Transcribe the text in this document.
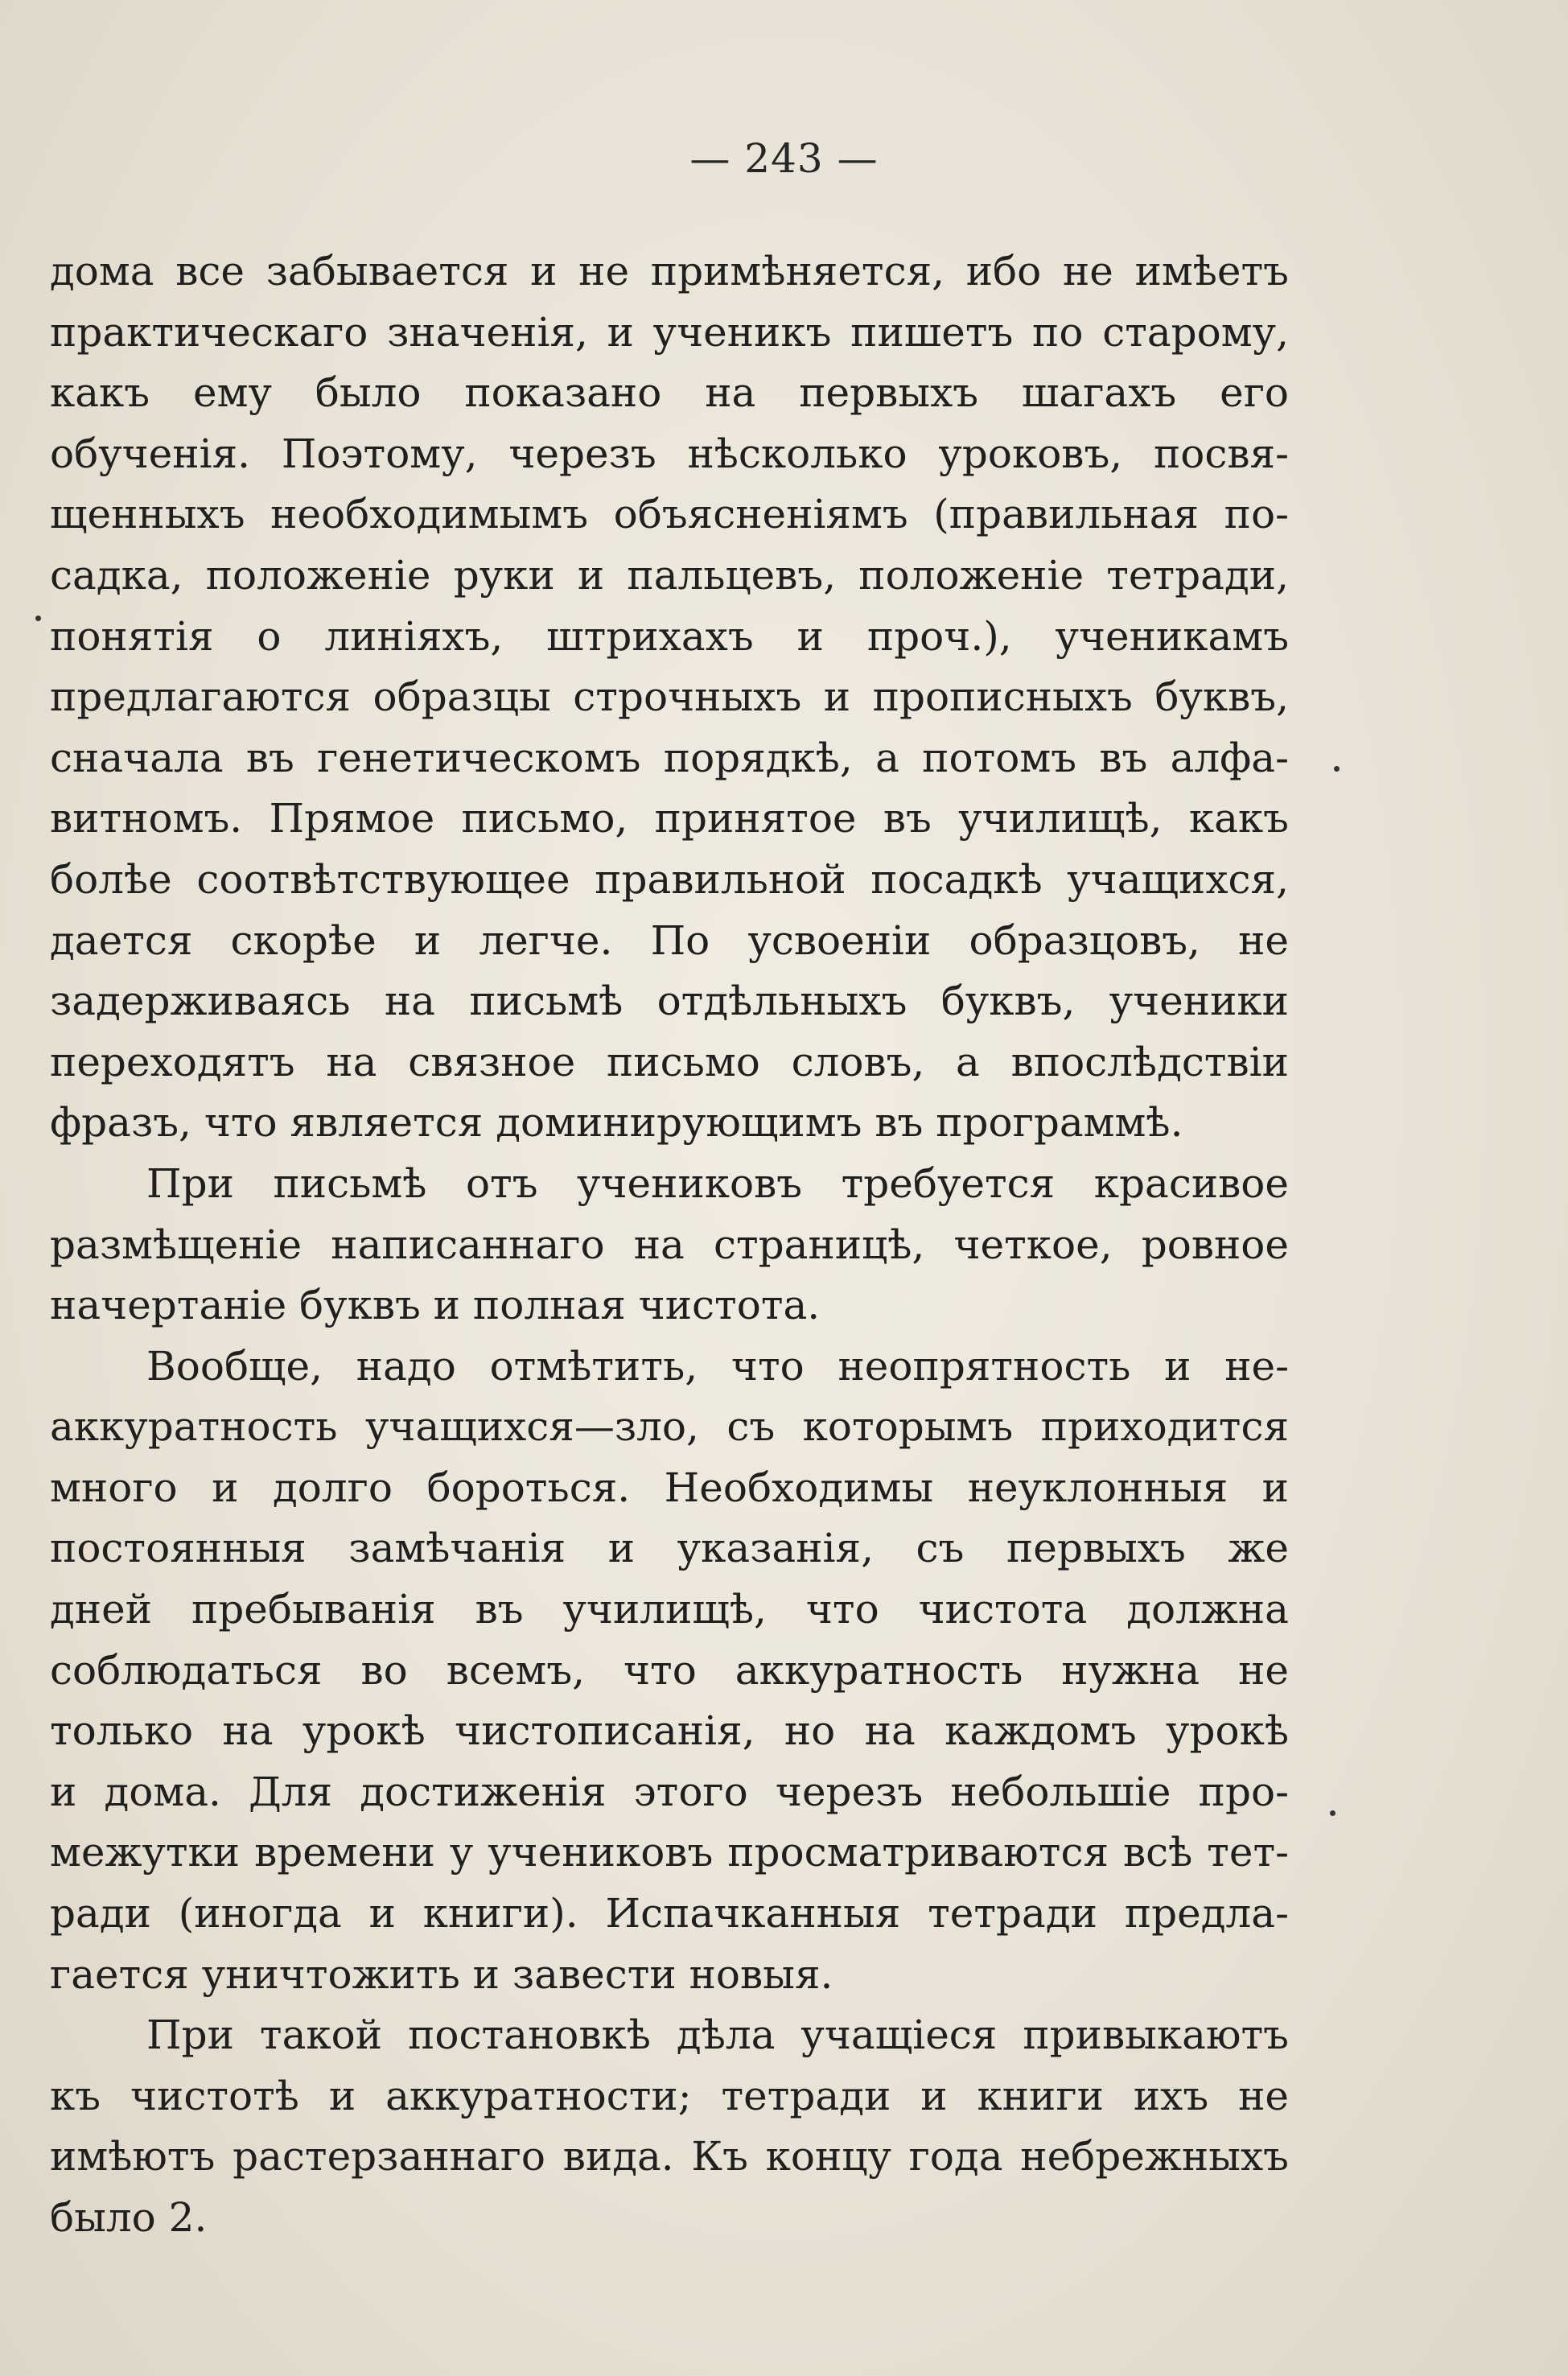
— 243 —
дома все забывается и не примѣняется, ибо не имѣетъ
практическаго значенія, и ученикъ пишетъ по старому,
какъ ему было показано на первыхъ шагахъ его
обученія. Поэтому, черезъ нѣсколько уроковъ, посвя-
щенныхъ необходимымъ объясненіямъ (правильная по-
садка, положеніе руки и пальцевъ, положеніе тетради,
понятія о линіяхъ, штрихахъ и проч.), ученикамъ
предлагаются образцы строчныхъ и прописныхъ буквъ,
сначала въ генетическомъ порядкѣ, а потомъ въ алфа-
витномъ. Прямое письмо, принятое въ училищѣ, какъ
болѣе соотвѣтствующее правильной посадкѣ учащихся,
дается скорѣе и легче. По усвоеніи образцовъ, не
задерживаясь на письмѣ отдѣльныхъ буквъ, ученики
переходятъ на связное письмо словъ, а впослѣдствіи
фразъ, что является доминирующимъ въ программѣ.
При письмѣ отъ учениковъ требуется красивое
размѣщеніе написаннаго на страницѣ, четкое, ровное
начертаніе буквъ и полная чистота.
Вообще, надо отмѣтить, что неопрятность и не-
аккуратность учащихся—зло, съ которымъ приходится
много и долго бороться. Необходимы неуклонныя и
постоянныя замѣчанія и указанія, съ первыхъ же
дней пребыванія въ училищѣ, что чистота должна
соблюдаться во всемъ, что аккуратность нужна не
только на урокѣ чистописанія, но на каждомъ урокѣ
и дома. Для достиженія этого черезъ небольшіе про-
межутки времени у учениковъ просматриваются всѣ тет-
ради (иногда и книги). Испачканныя тетради предла-
гается уничтожить и завести новыя.
При такой постановкѣ дѣла учащіеся привыкаютъ
къ чистотѣ и аккуратности; тетради и книги ихъ не
имѣютъ растерзаннаго вида. Къ концу года небрежныхъ
было 2.
